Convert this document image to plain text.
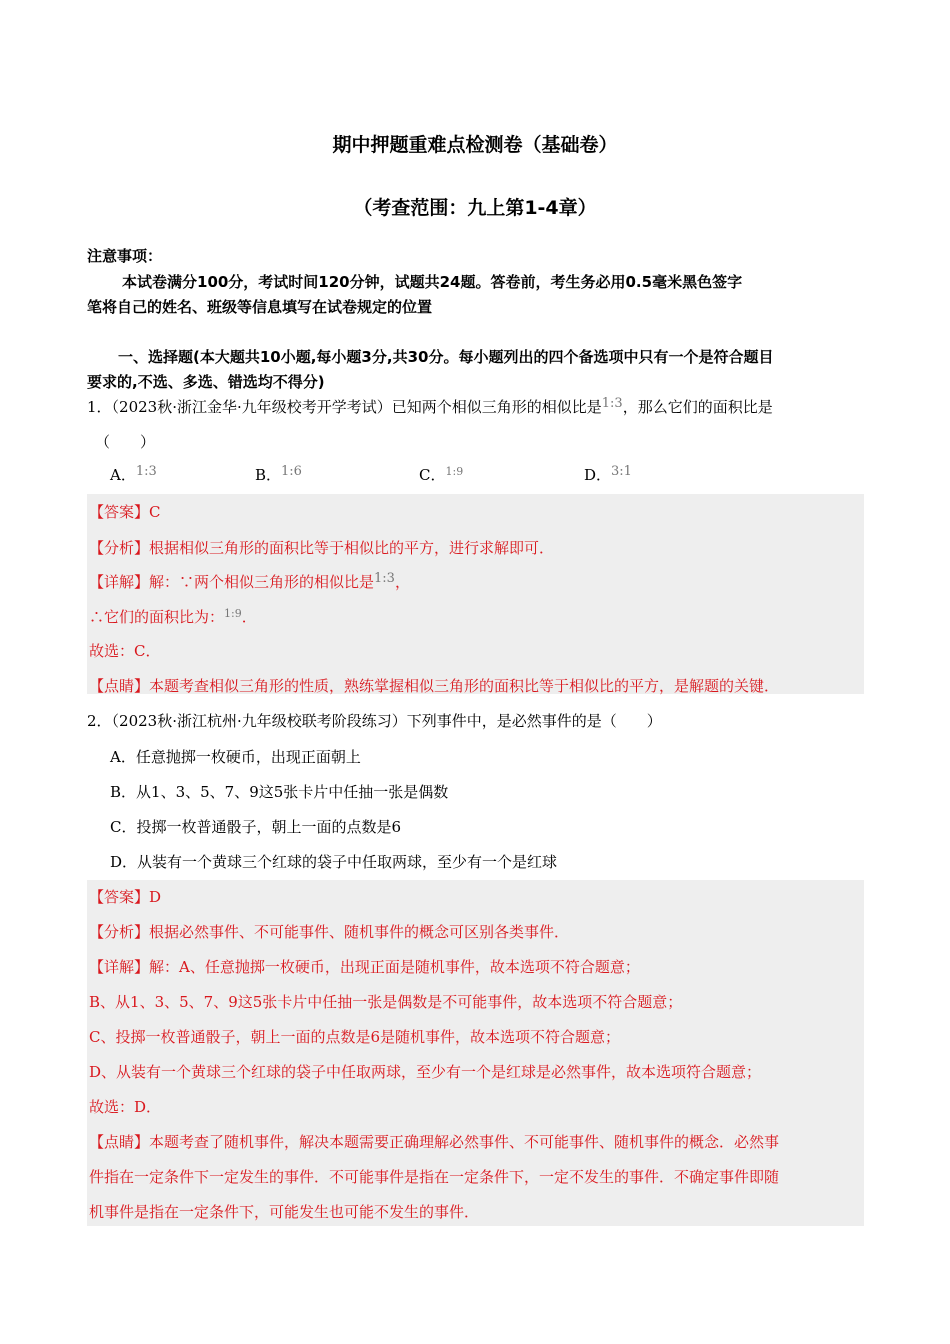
期中押题重难点检测卷（基础卷）
（考查范围：九上第1-4章）
注意事项：
本试卷满分100分，考试时间120分钟，试题共24题。答卷前，考生务必用0.5毫米黑色签字
笔将自己的姓名、班级等信息填写在试卷规定的位置
一、选择题(本大题共10小题,每小题3分,共30分。每小题列出的四个备选项中只有一个是符合题目
要求的,不选、多选、错选均不得分)
1．（2023秋·浙江金华·九年级校考开学考试）已知两个相似三角形的相似比是1:3，那么它们的面积比是
（　　）
A．1:3	B．1:6	C．$^{1:9}$	D．3:1
【答案】C
【分析】根据相似三角形的面积比等于相似比的平方，进行求解即可．
【详解】解：∵两个相似三角形的相似比是1:3，
∴它们的面积比为：$^{1:9}$．
故选：C．
【点睛】本题考查相似三角形的性质，熟练掌握相似三角形的面积比等于相似比的平方，是解题的关键．
2．（2023秋·浙江杭州·九年级校联考阶段练习）下列事件中，是必然事件的是（　　）
A．任意抛掷一枚硬币，出现正面朝上
B．从1、3、5、7、9这5张卡片中任抽一张是偶数
C．投掷一枚普通骰子，朝上一面的点数是6
D．从装有一个黄球三个红球的袋子中任取两球，至少有一个是红球
【答案】D
【分析】根据必然事件、不可能事件、随机事件的概念可区别各类事件．
【详解】解：A、任意抛掷一枚硬币，出现正面是随机事件，故本选项不符合题意；
B、从1、3、5、7、9这5张卡片中任抽一张是偶数是不可能事件，故本选项不符合题意；
C、投掷一枚普通骰子，朝上一面的点数是6是随机事件，故本选项不符合题意；
D、从装有一个黄球三个红球的袋子中任取两球，至少有一个是红球是必然事件，故本选项符合题意；
故选：D．
【点睛】本题考查了随机事件，解决本题需要正确理解必然事件、不可能事件、随机事件的概念．必然事
件指在一定条件下一定发生的事件．不可能事件是指在一定条件下，一定不发生的事件．不确定事件即随
机事件是指在一定条件下，可能发生也可能不发生的事件．
